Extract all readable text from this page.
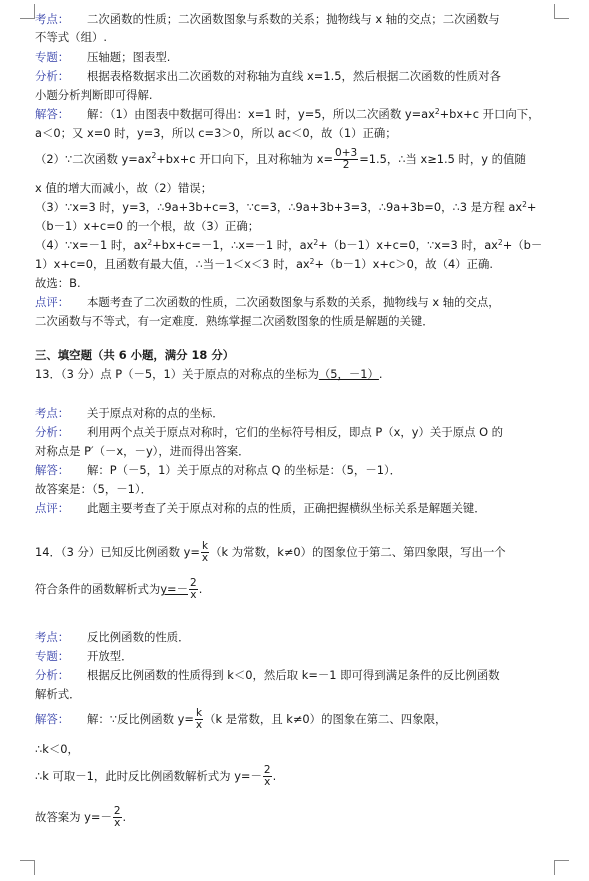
考点： 二次函数的性质；二次函数图象与系数的关系；抛物线与 x 轴的交点；二次函数与
不等式（组）.
专题： 压轴题；图表型.
分析： 根据表格数据求出二次函数的对称轴为直线 x=1.5，然后根据二次函数的性质对各
小题分析判断即可得解.
解答： 解：（1）由图表中数据可得出：x=1 时，y=5，所以二次函数 $y=ax^2+bx+c$ 开口向下，
a＜0；又 x=0 时，y=3，所以 c=3＞0，所以 ac＜0，故（1）正确；
（2）∵二次函数 $y=ax^2+bx+c$ 开口向下，且对称轴为 $x= \frac{0+3}{2} =1.5$，∴当 x≥1.5 时，y 的值随
x 值的增大而减小，故（2）错误；
（3）∵x=3 时，y=3，∴9a+3b+c=3，∵c=3，∴9a+3b+3=3，∴9a+3b=0，∴3 是方程 $ax^2+$
（b－1）x+c=0 的一个根，故（3）正确；
（4）∵x=－1 时，$ax^2+bx+c=-1$，∴x=－1 时，$ax^2+(b-1)x+c=0$，∵x=3 时，$ax^2+(b-$
1）x+c=0，且函数有最大值，∴当－1＜x＜3 时，$ax^2+(b-1)x+c>0$，故（4）正确.
故选：B.
点评： 本题考查了二次函数的性质，二次函数图象与系数的关系，抛物线与 x 轴的交点，
二次函数与不等式，有一定难度．熟练掌握二次函数图象的性质是解题的关键．
三、填空题（共 6 小题，满分 18 分）
13．（3 分）点 P（－5，1）关于原点的对称点的坐标为（5，－1）.
考点： 关于原点对称的点的坐标．
分析： 利用两个点关于原点对称时，它们的坐标符号相反，即点 P（x，y）关于原点 O 的
对称点是 P′（－x，－y），进而得出答案．
解答： 解：P（－5，1）关于原点的对称点 Q 的坐标是：（5，－1）．
故答案是：（5，－1）．
点评： 此题主要考查了关于原点对称的点的性质，正确把握横纵坐标关系是解题关键．
14．（3 分）已知反比例函数 $y= \frac{k}{x} (k$ 为常数，k≠0）的图象位于第二、第四象限，写出一个
符合条件的函数解析式为$y=- \frac{2}{x}$ .
考点： 反比例函数的性质．
专题： 开放型．
分析： 根据反比例函数的性质得到 k＜0，然后取 k=－1 即可得到满足条件的反比例函数
解析式．
解答： 解：∵反比例函数 $y= \frac{k}{x} (k$ 是常数，且 k≠0）的图象在第二、四象限，
∴k＜0，
∴k 可取－1，此时反比例函数解析式为 $y=- \frac{2}{x}$ .
故答案为 $y=- \frac{2}{x}$ .
